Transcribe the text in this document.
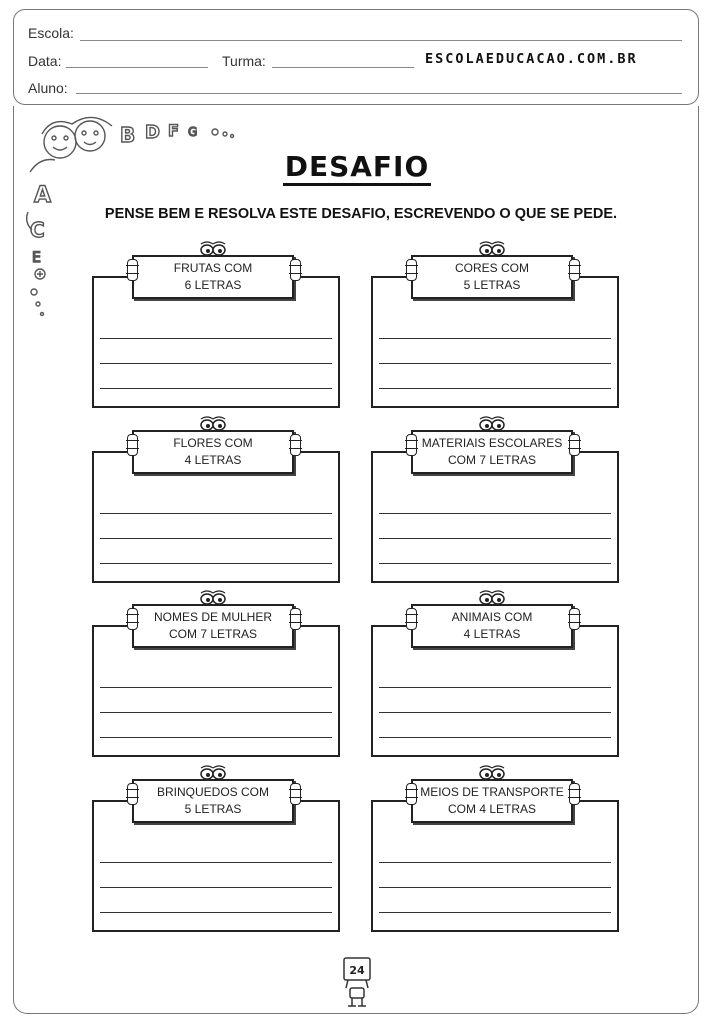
Escola:
Data:	Turma:	ESCOLAEDUCACAO.COM.BR
Aluno:
B D F G
A
C
E
DESAFIO
PENSE BEM E RESOLVA ESTE DESAFIO, ESCREVENDO O QUE SE PEDE.
FRUTAS COM
6 LETRAS
CORES COM
5 LETRAS
FLORES COM
4 LETRAS
MATERIAIS ESCOLARES
COM 7 LETRAS
NOMES DE MULHER
COM 7 LETRAS
ANIMAIS COM
4 LETRAS
BRINQUEDOS COM
5 LETRAS
MEIOS DE TRANSPORTE
COM 4 LETRAS
24
